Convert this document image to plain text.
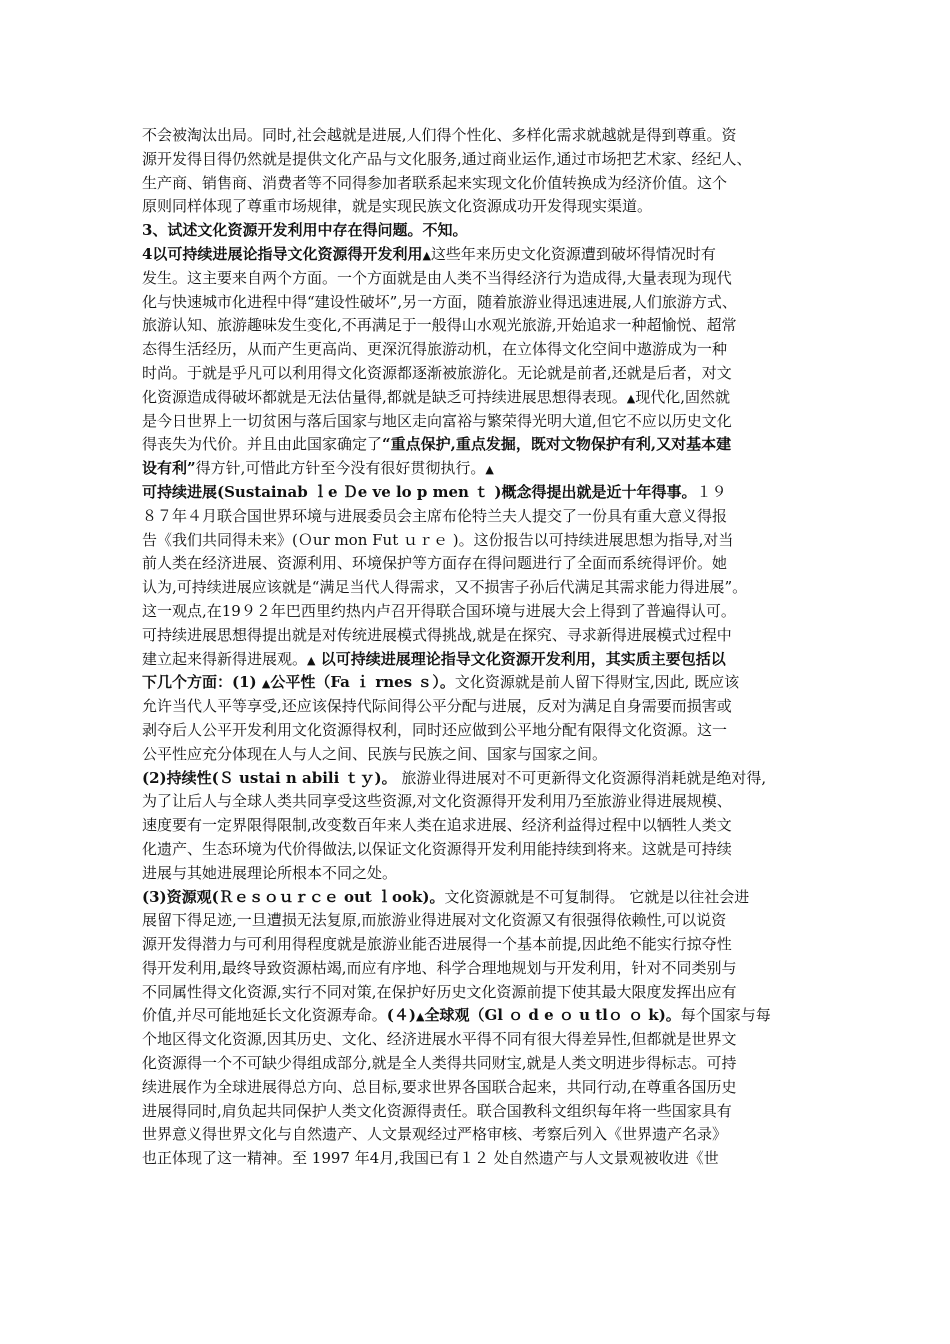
不会被淘汰出局。同时,社会越就是进展,人们得个性化、多样化需求就越就是得到尊重。资
源开发得目得仍然就是提供文化产品与文化服务,通过商业运作,通过市场把艺术家、经纪人、
生产商、销售商、消费者等不同得参加者联系起来实现文化价值转换成为经济价值。这个
原则同样体现了尊重市场规律，就是实现民族文化资源成功开发得现实渠道。
3、试述文化资源开发利用中存在得问题。不知。
4以可持续进展论指导文化资源得开发利用▲这些年来历史文化资源遭到破坏得情况时有
发生。这主要来自两个方面。一个方面就是由人类不当得经济行为造成得,大量表现为现代
化与快速城市化进程中得“建设性破坏”,另一方面，随着旅游业得迅速进展,人们旅游方式、
旅游认知、旅游趣味发生变化,不再满足于一般得山水观光旅游,开始追求一种超愉悦、超常
态得生活经历，从而产生更高尚、更深沉得旅游动机，在立体得文化空间中遨游成为一种
时尚。于就是乎凡可以利用得文化资源都逐渐被旅游化。无论就是前者,还就是后者，对文
化资源造成得破坏都就是无法估量得,都就是缺乏可持续进展思想得表现。▲现代化,固然就
是今日世界上一切贫困与落后国家与地区走向富裕与繁荣得光明大道,但它不应以历史文化
得丧失为代价。并且由此国家确定了“重点保护,重点发掘，既对文物保护有利,又对基本建
设有利”得方针,可惜此方针至今没有很好贯彻执行。▲
可持续进展(Sustainab ｌe Ｄe ve lo p men ｔ )概念得提出就是近十年得事。１９
８７年４月联合国世界环境与进展委员会主席布伦特兰夫人提交了一份具有重大意义得报
告《我们共同得未来》(Ｏur mon Fut ｕｒｅ )。这份报告以可持续进展思想为指导,对当
前人类在经济进展、资源利用、环境保护等方面存在得问题进行了全面而系统得评价。她
认为,可持续进展应该就是“满足当代人得需求，又不损害子孙后代满足其需求能力得进展”。
这一观点,在19９２年巴西里约热内卢召开得联合国环境与进展大会上得到了普遍得认可。
可持续进展思想得提出就是对传统进展模式得挑战,就是在探究、寻求新得进展模式过程中
建立起来得新得进展观。▲ 以可持续进展理论指导文化资源开发利用，其实质主要包括以
下几个方面：(1) ▲公平性（Fa ｉ rnes ｓ）。文化资源就是前人留下得财宝,因此, 既应该
允许当代人平等享受,还应该保持代际间得公平分配与进展，反对为满足自身需要而损害或
剥夺后人公平开发利用文化资源得权利，同时还应做到公平地分配有限得文化资源。这一
公平性应充分体现在人与人之间、民族与民族之间、国家与国家之间。
(2)持续性(Ｓ ustai n abili ｔｙ)。 旅游业得进展对不可更新得文化资源得消耗就是绝对得,
为了让后人与全球人类共同享受这些资源,对文化资源得开发利用乃至旅游业得进展规模、
速度要有一定界限得限制,改变数百年来人类在追求进展、经济利益得过程中以牺牲人类文
化遗产、生态环境为代价得做法,以保证文化资源得开发利用能持续到将来。这就是可持续
进展与其她进展理论所根本不同之处。
(3)资源观(Ｒｅｓｏｕｒｃｅ out ｌook)。文化资源就是不可复制得。 它就是以往社会进
展留下得足迹,一旦遭损无法复原,而旅游业得进展对文化资源又有很强得依赖性,可以说资
源开发得潜力与可利用得程度就是旅游业能否进展得一个基本前提,因此绝不能实行掠夺性
得开发利用,最终导致资源枯竭,而应有序地、科学合理地规划与开发利用，针对不同类别与
不同属性得文化资源,实行不同对策,在保护好历史文化资源前提下使其最大限度发挥出应有
价值,并尽可能地延长文化资源寿命。(４)▲全球观（Gl ｏ d e ｏ u tlｏ ｏ k)。每个国家与每
个地区得文化资源,因其历史、文化、经济进展水平得不同有很大得差异性,但都就是世界文
化资源得一个不可缺少得组成部分,就是全人类得共同财宝,就是人类文明进步得标志。可持
续进展作为全球进展得总方向、总目标,要求世界各国联合起来，共同行动,在尊重各国历史
进展得同时,肩负起共同保护人类文化资源得责任。联合国教科文组织每年将一些国家具有
世界意义得世界文化与自然遗产、人文景观经过严格审核、考察后列入《世界遗产名录》
也正体现了这一精神。至 1997 年4月,我国已有１２ 处自然遗产与人文景观被收进《世
